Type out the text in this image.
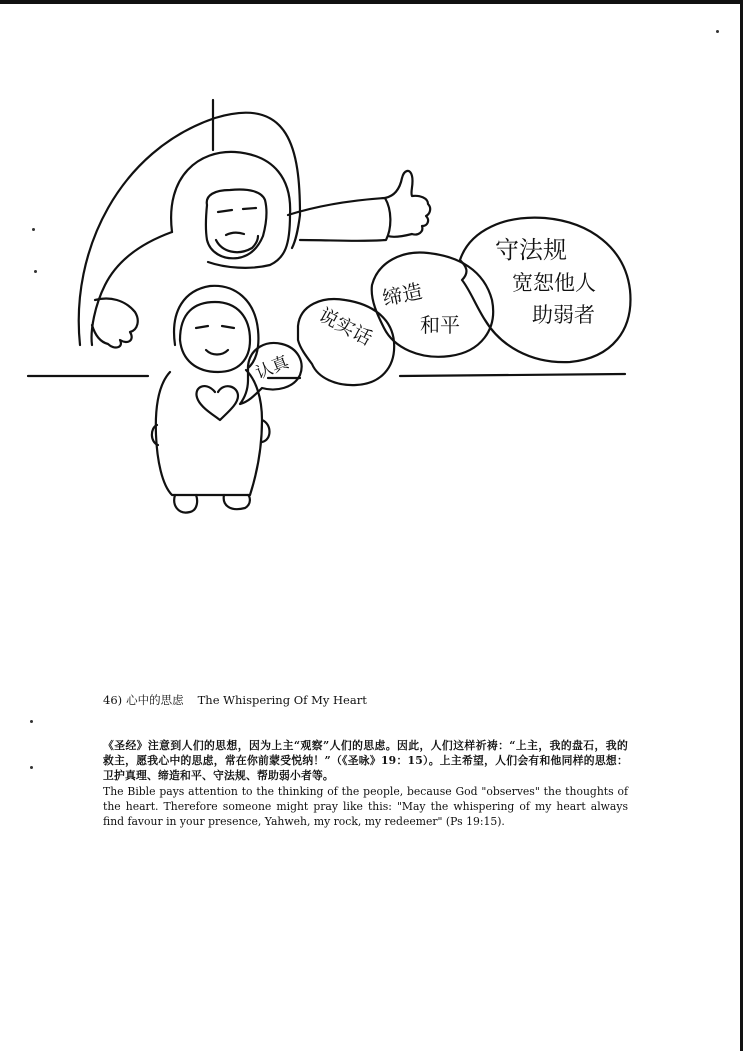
认真
说实话
缔造
和平
守法规
宽恕他人
助弱者
46) 心中的思虑 The Whispering Of My Heart

《圣经》注意到人们的思想，因为上主“观察”人们的思虑。因此，人们这样祈祷：“上主，我的盘石，我的救主，愿我心中的思虑，常在你前蒙受悦纳！”（《圣咏》19：15）。上主希望，人们会有和他同样的思想：卫护真理、缔造和平、守法规、帮助弱小者等。

The Bible pays attention to the thinking of the people, because God "observes" the thoughts of the heart. Therefore someone might pray like this: "May the whispering of my heart always find favour in your presence, Yahweh, my rock, my redeemer" (Ps 19:15).
